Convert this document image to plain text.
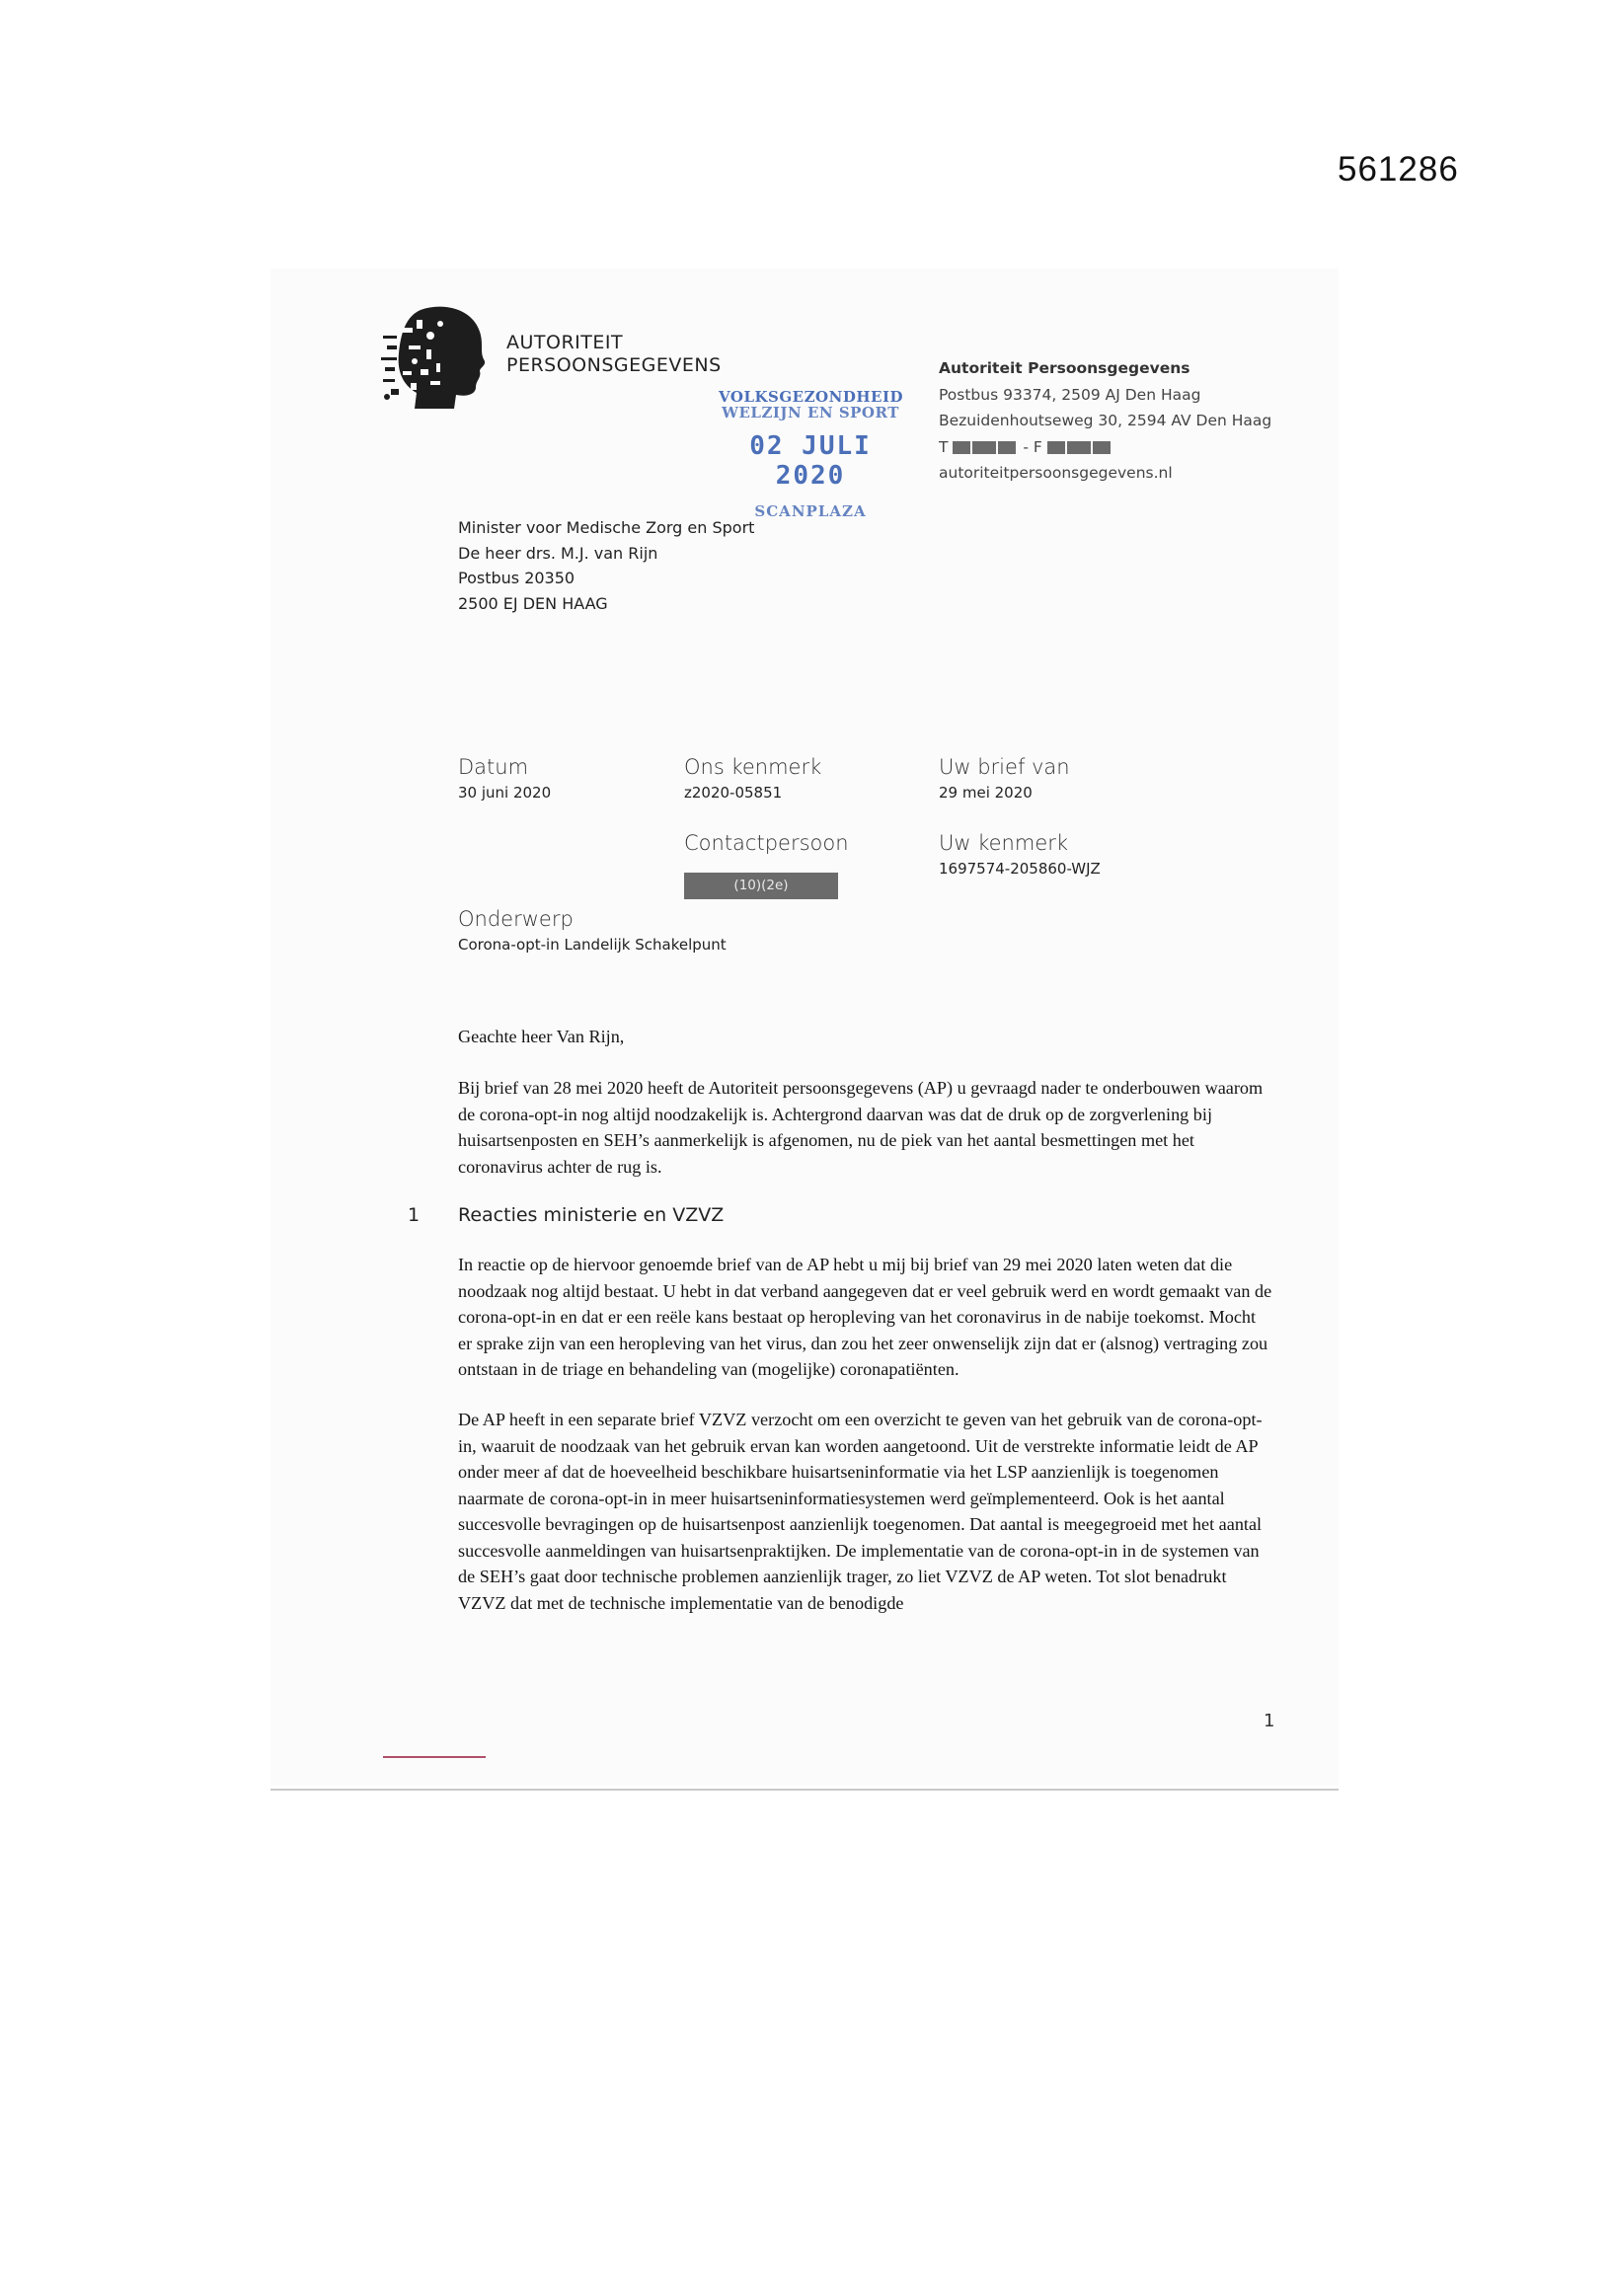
561286
AUTORITEIT
PERSOONSGEGEVENS
VOLKSGEZONDHEID
WELZIJN EN SPORT
02 JULI 2020
SCANPLAZA
Autoriteit Persoonsgegevens
Postbus 93374, 2509 AJ Den Haag
Bezuidenhoutseweg 30, 2594 AV Den Haag
T	- F
autoriteitpersoonsgegevens.nl
Minister voor Medische Zorg en Sport
De heer drs. M.J. van Rijn
Postbus 20350
2500 EJ DEN HAAG
Datum
30 juni 2020
Ons kenmerk
z2020-05851
Uw brief van
29 mei 2020
Contactpersoon
(10)(2e)
Uw kenmerk
1697574-205860-WJZ
Onderwerp
Corona-opt-in Landelijk Schakelpunt
Geachte heer Van Rijn,
Bij brief van 28 mei 2020 heeft de Autoriteit persoonsgegevens (AP) u gevraagd nader te onderbouwen waarom de corona-opt-in nog altijd noodzakelijk is. Achtergrond daarvan was dat de druk op de zorgverlening bij huisartsenposten en SEH’s aanmerkelijk is afgenomen, nu de piek van het aantal besmettingen met het coronavirus achter de rug is.
1 Reacties ministerie en VZVZ
In reactie op de hiervoor genoemde brief van de AP hebt u mij bij brief van 29 mei 2020 laten weten dat die noodzaak nog altijd bestaat. U hebt in dat verband aangegeven dat er veel gebruik werd en wordt gemaakt van de corona-opt-in en dat er een reële kans bestaat op heropleving van het coronavirus in de nabije toekomst. Mocht er sprake zijn van een heropleving van het virus, dan zou het zeer onwenselijk zijn dat er (alsnog) vertraging zou ontstaan in de triage en behandeling van (mogelijke) coronapatiënten.
De AP heeft in een separate brief VZVZ verzocht om een overzicht te geven van het gebruik van de corona-opt-in, waaruit de noodzaak van het gebruik ervan kan worden aangetoond. Uit de verstrekte informatie leidt de AP onder meer af dat de hoeveelheid beschikbare huisartseninformatie via het LSP aanzienlijk is toegenomen naarmate de corona-opt-in in meer huisartseninformatiesystemen werd geïmplementeerd. Ook is het aantal succesvolle bevragingen op de huisartsenpost aanzienlijk toegenomen. Dat aantal is meegegroeid met het aantal succesvolle aanmeldingen van huisartsenpraktijken. De implementatie van de corona-opt-in in de systemen van de SEH’s gaat door technische problemen aanzienlijk trager, zo liet VZVZ de AP weten. Tot slot benadrukt VZVZ dat met de technische implementatie van de benodigde
1
